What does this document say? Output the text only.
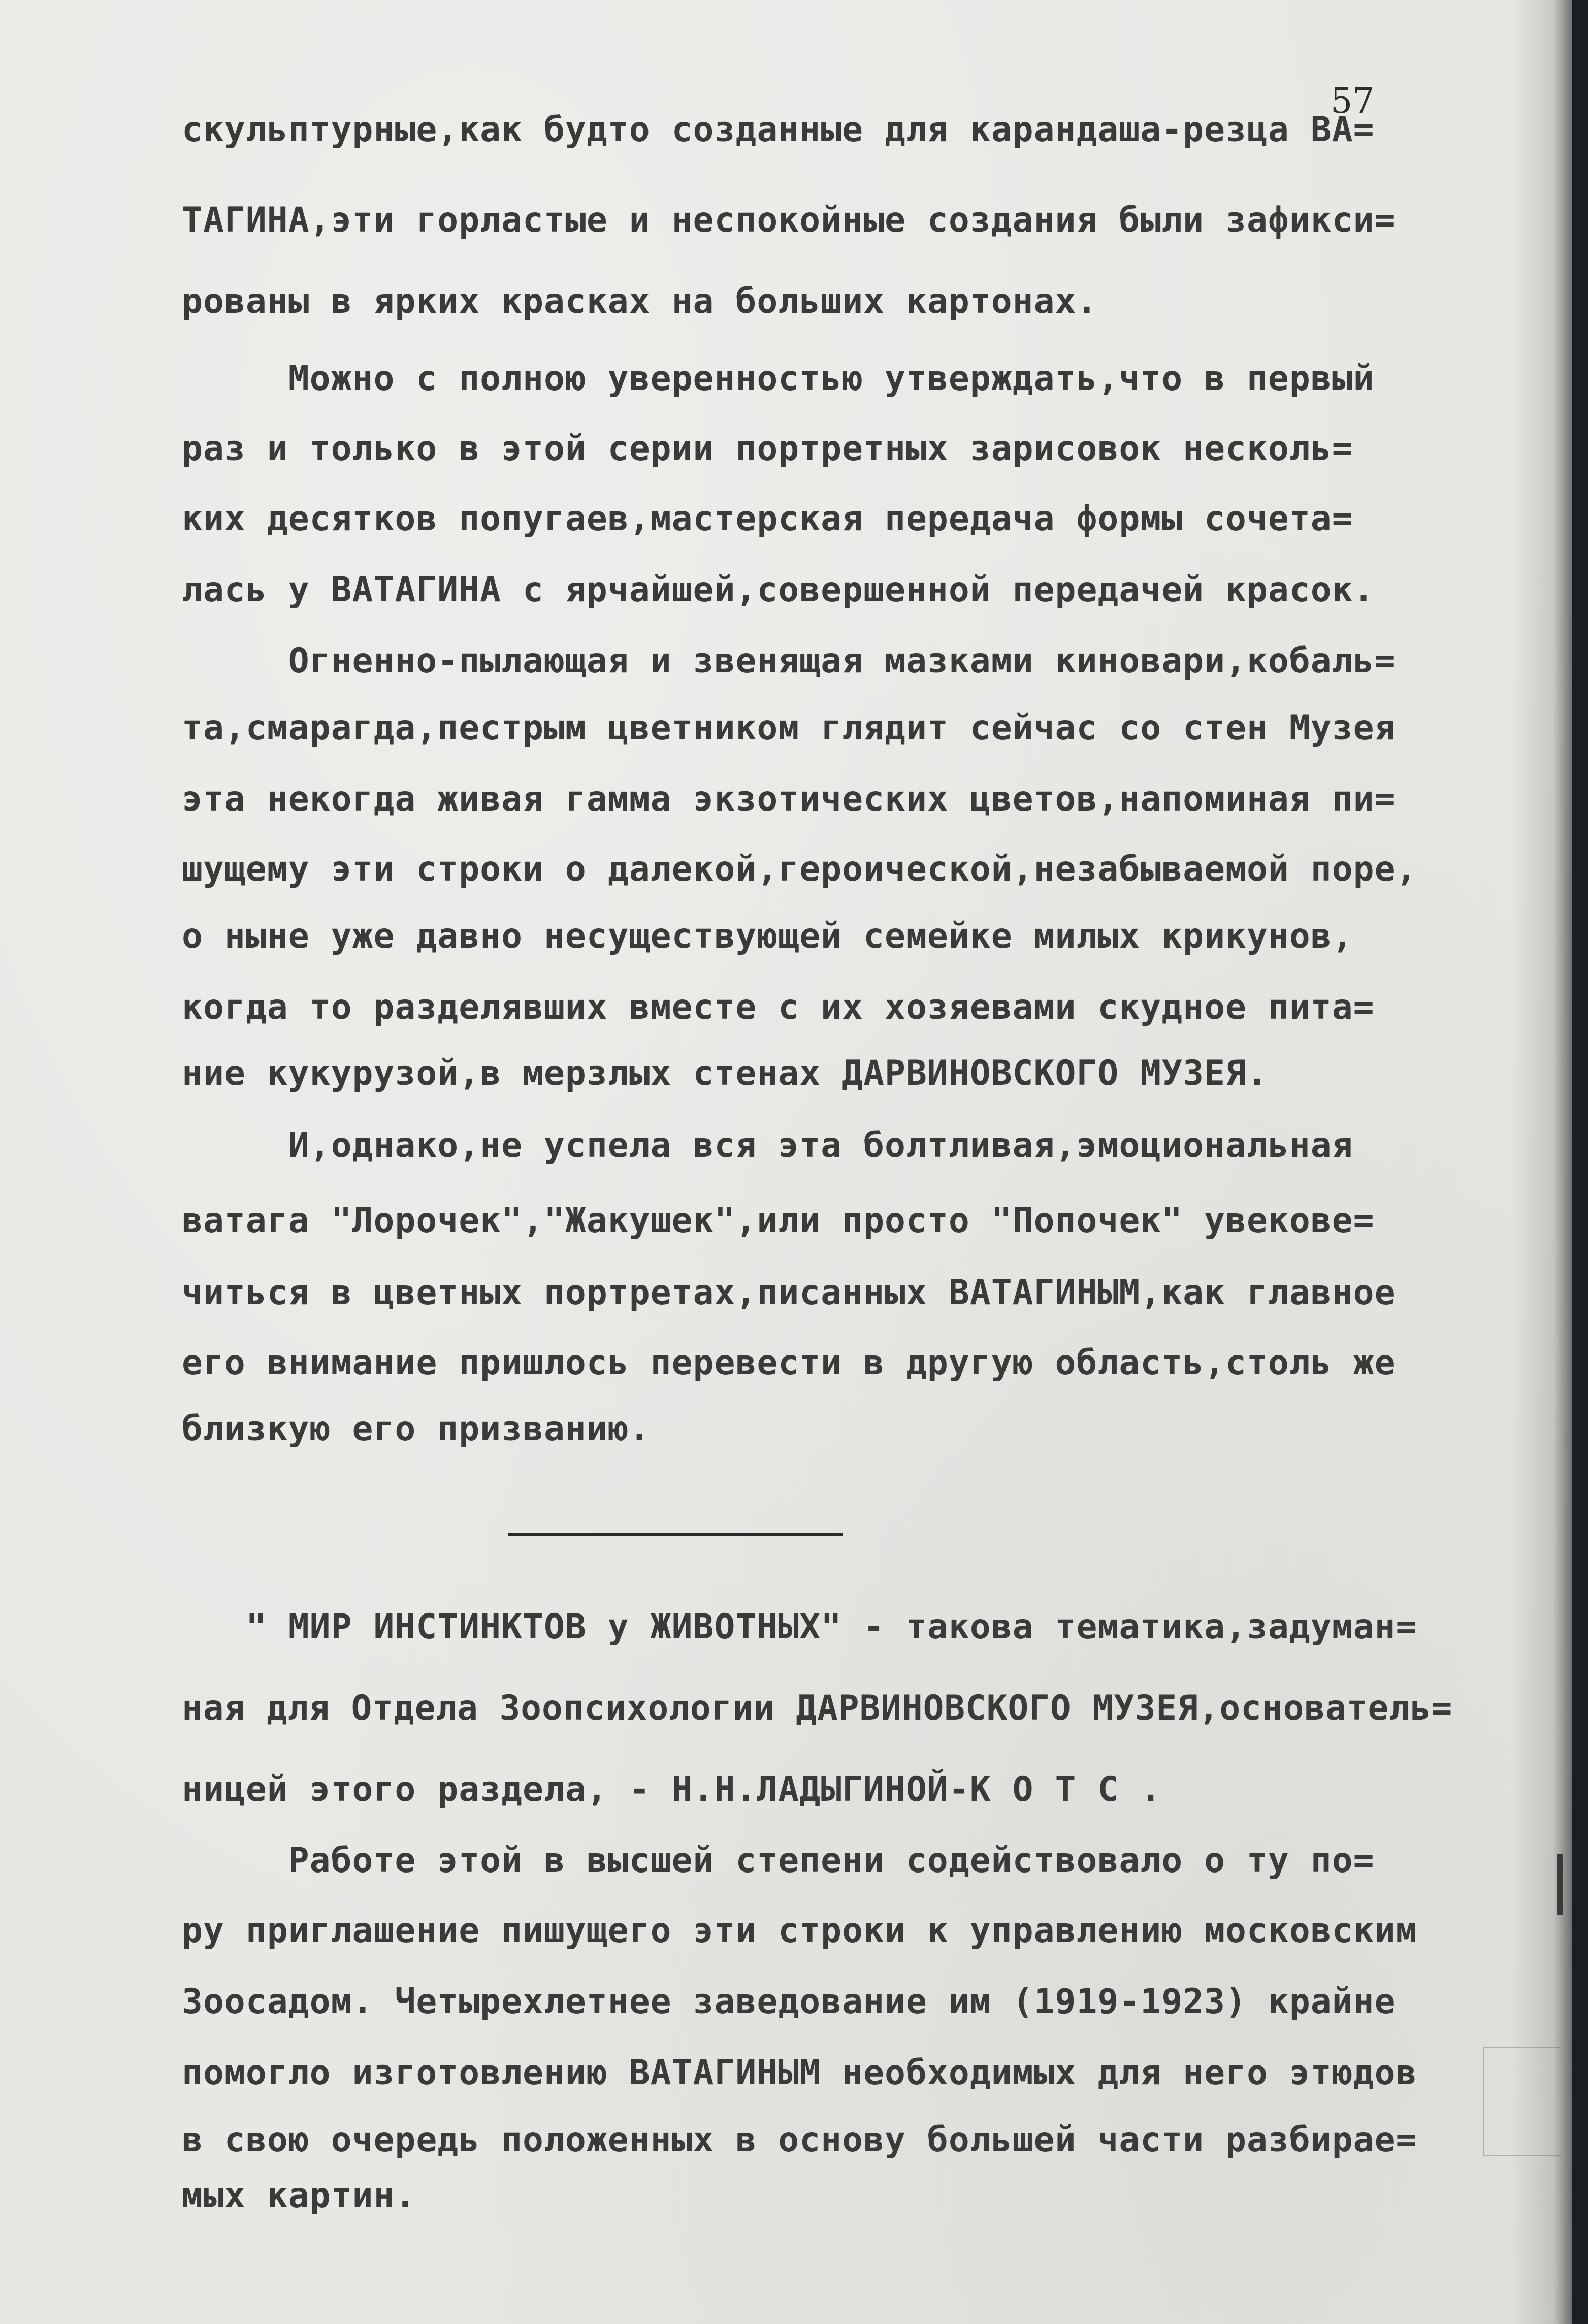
57

скульптурные,как будто созданные для карандаша-резца ВА=

ТАГИНА,эти горластые и неспокойные создания были зафикси=

рованы в ярких красках на больших картонах.

Можно с полною уверенностью утверждать,что в первый

раз и только в этой серии портретных зарисовок несколь=

ких десятков попугаев,мастерская передача формы сочета=

лась у ВАТАГИНА с ярчайшей,совершенной передачей красок.

Огненно-пылающая и звенящая мазками киновари,кобаль=

та,смарагда,пестрым цветником глядит сейчас со стен Музея

эта некогда живая гамма экзотических цветов,напоминая пи=

шущему эти строки о далекой,героической,незабываемой поре,

о ныне уже давно несуществующей семейке милых крикунов,

когда то разделявших вместе с их хозяевами скудное пита=

ние кукурузой,в мерзлых стенах ДАРВИНОВСКОГО МУЗЕЯ.

И,однако,не успела вся эта болтливая,эмоциональная

ватага "Лорочек","Жакушек",или просто "Попочек" увекове=

читься в цветных портретах,писанных ВАТАГИНЫМ,как главное

его внимание пришлось перевести в другую область,столь же

близкую его призванию.

" МИР ИНСТИНКТОВ у ЖИВОТНЫХ" - такова тематика,задуман=

ная для Отдела Зоопсихологии ДАРВИНОВСКОГО МУЗЕЯ,основатель=

ницей этого раздела, - Н.Н.ЛАДЫГИНОЙ-К О Т С .

Работе этой в высшей степени содействовало о ту по=

ру приглашение пишущего эти строки к управлению московским

Зоосадом. Четырехлетнее заведование им (1919-1923) крайне

помогло изготовлению ВАТАГИНЫМ необходимых для него этюдов

в свою очередь положенных в основу большей части разбирае=

мых картин.
